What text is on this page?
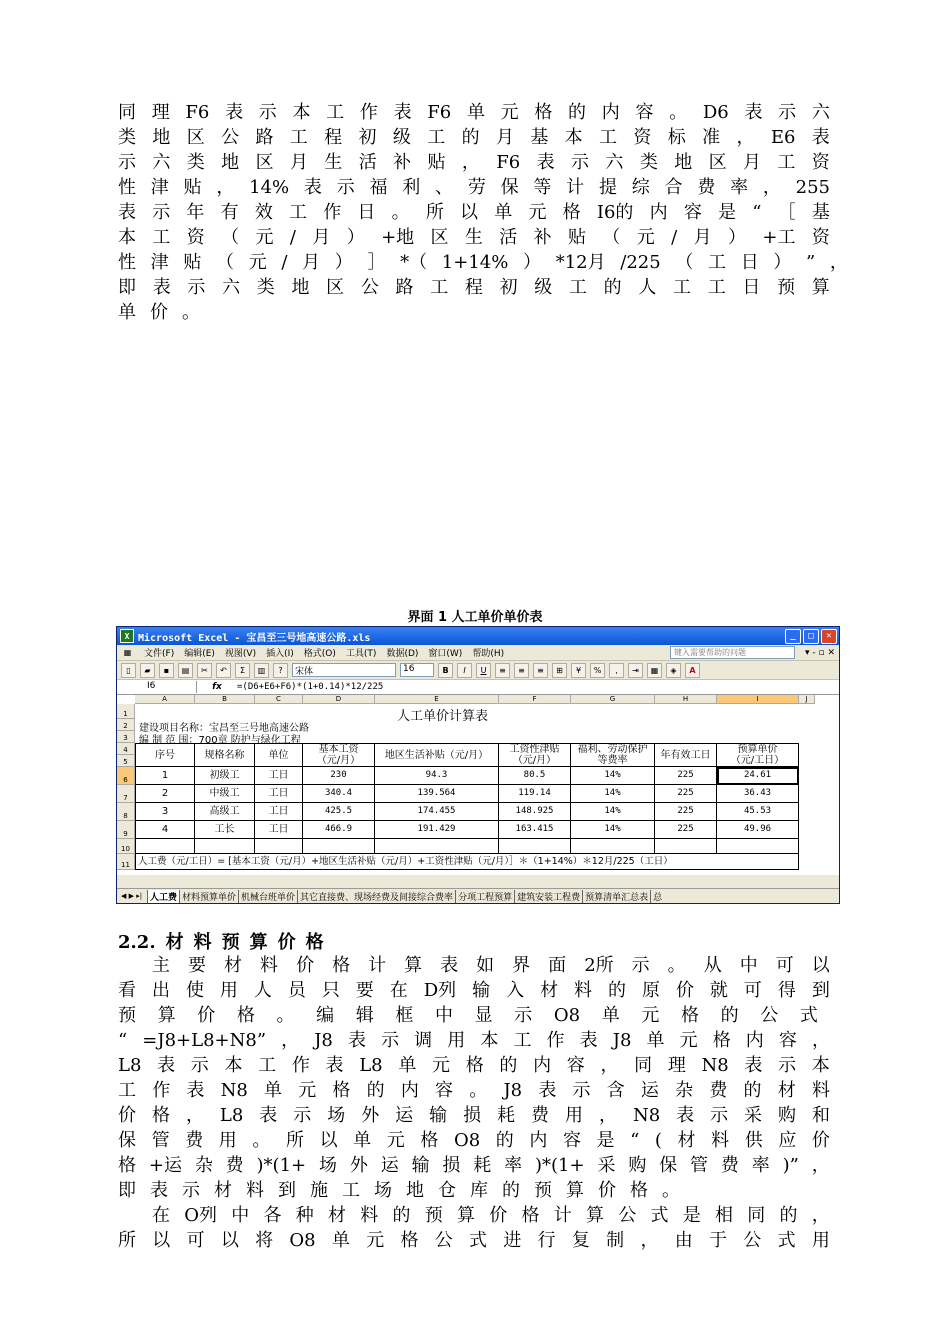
同 理 F6 表 示 本 工 作 表 F6 单 元 格 的 内 容 。 D6 表 示 六
类 地 区 公 路 工 程 初 级 工 的 月 基 本 工 资 标 准 ， E6 表
示 六 类 地 区 月 生 活 补 贴 ， F6 表 示 六 类 地 区 月 工 资
性 津 贴 ， 14% 表 示 福 利 、 劳 保 等 计 提 综 合 费 率 ， 255
表 示 年 有 效 工 作 日 。 所 以 单 元 格 I6的 内 容 是 “ ［ 基
本 工 资 （ 元 / 月 ） +地 区 生 活 补 贴 （ 元 / 月 ） +工 资
性 津 贴 （ 元 / 月 ） ］ *（ 1+14% ） *12月 /225 （ 工 日 ） ” ，
即 表 示 六 类 地 区 公 路 工 程 初 级 工 的 人 工 工 日 预 算
单 价 。
界面 1 人工单价单价表
X Microsoft Excel - 宝昌至三号地高速公路.xls	_	□	✕
▦	文件(F) 编辑(E) 视图(V) 插入(I) 格式(O) 工具(T) 数据(D) 窗口(W) 帮助(H)	键入需要帮助的问题	▾ - ▫ ✕
▯	▰	▪	▤	✂	↶	Σ	▥	?	宋体	16	B	I	U	≡	≡	≡	⊞	¥	%	,	⇥	▦	◈	A
I6	fx	=(D6+E6+F6)*(1+0.14)*12/225
A	B	C	D	E	F	G	H	I	J
1
2
3
4
5
6
7
8
9
10
11
人工单价计算表
建设项目名称：宝昌至三号地高速公路
编 制 范 围：700章 防护与绿化工程
序号	规格名称	单位	基本工资
（元/月）	地区生活补贴（元/月）	工资性津贴
（元/月）
福利、劳动保护
等费率	年有效工日	预算单价
（元/工日）
1	初级工	工日	230	94.3	80.5	14%	225	24.61
2	中级工	工日	340.4	139.564	119.14	14%	225	36.43
3	高级工	工日	425.5	174.455	148.925	14%	225	45.53
4	工长	工日	466.9	191.429	163.415	14%	225	49.96
人工费（元/工日）= [基本工资（元/月）+地区生活补贴（元/月）+工资性津贴（元/月）］＊（1+14%）＊12月/225（工日）
◀ ▶ ▸| 人工费 材料预算单价 机械台班单价 其它直接费、现场经费及间接综合费率 分项工程预算 建筑安装工程费 预算清单汇总表 总
2.2. 材料预算价格
主 要 材 料 价 格 计 算 表 如 界 面 2所 示 。 从 中 可 以
看 出 使 用 人 员 只 要 在 D列 输 入 材 料 的 原 价 就 可 得 到
预 算 价 格 。 编 辑 框 中 显 示 O8 单 元 格 的 公 式
“ =J8+L8+N8” ， J8 表 示 调 用 本 工 作 表 J8 单 元 格 内 容 ，
L8 表 示 本 工 作 表 L8 单 元 格 的 内 容 ， 同 理 N8 表 示 本
工 作 表 N8 单 元 格 的 内 容 。 J8 表 示 含 运 杂 费 的 材 料
价 格 ， L8 表 示 场 外 运 输 损 耗 费 用 ， N8 表 示 采 购 和
保 管 费 用 。 所 以 单 元 格 O8 的 内 容 是 “ ( 材 料 供 应 价
格 +运 杂 费 )*(1+ 场 外 运 输 损 耗 率 )*(1+ 采 购 保 管 费 率 )” ，
即 表 示 材 料 到 施 工 场 地 仓 库 的 预 算 价 格 。
在 O列 中 各 种 材 料 的 预 算 价 格 计 算 公 式 是 相 同 的 ，
所 以 可 以 将 O8 单 元 格 公 式 进 行 复 制 ， 由 于 公 式 用
